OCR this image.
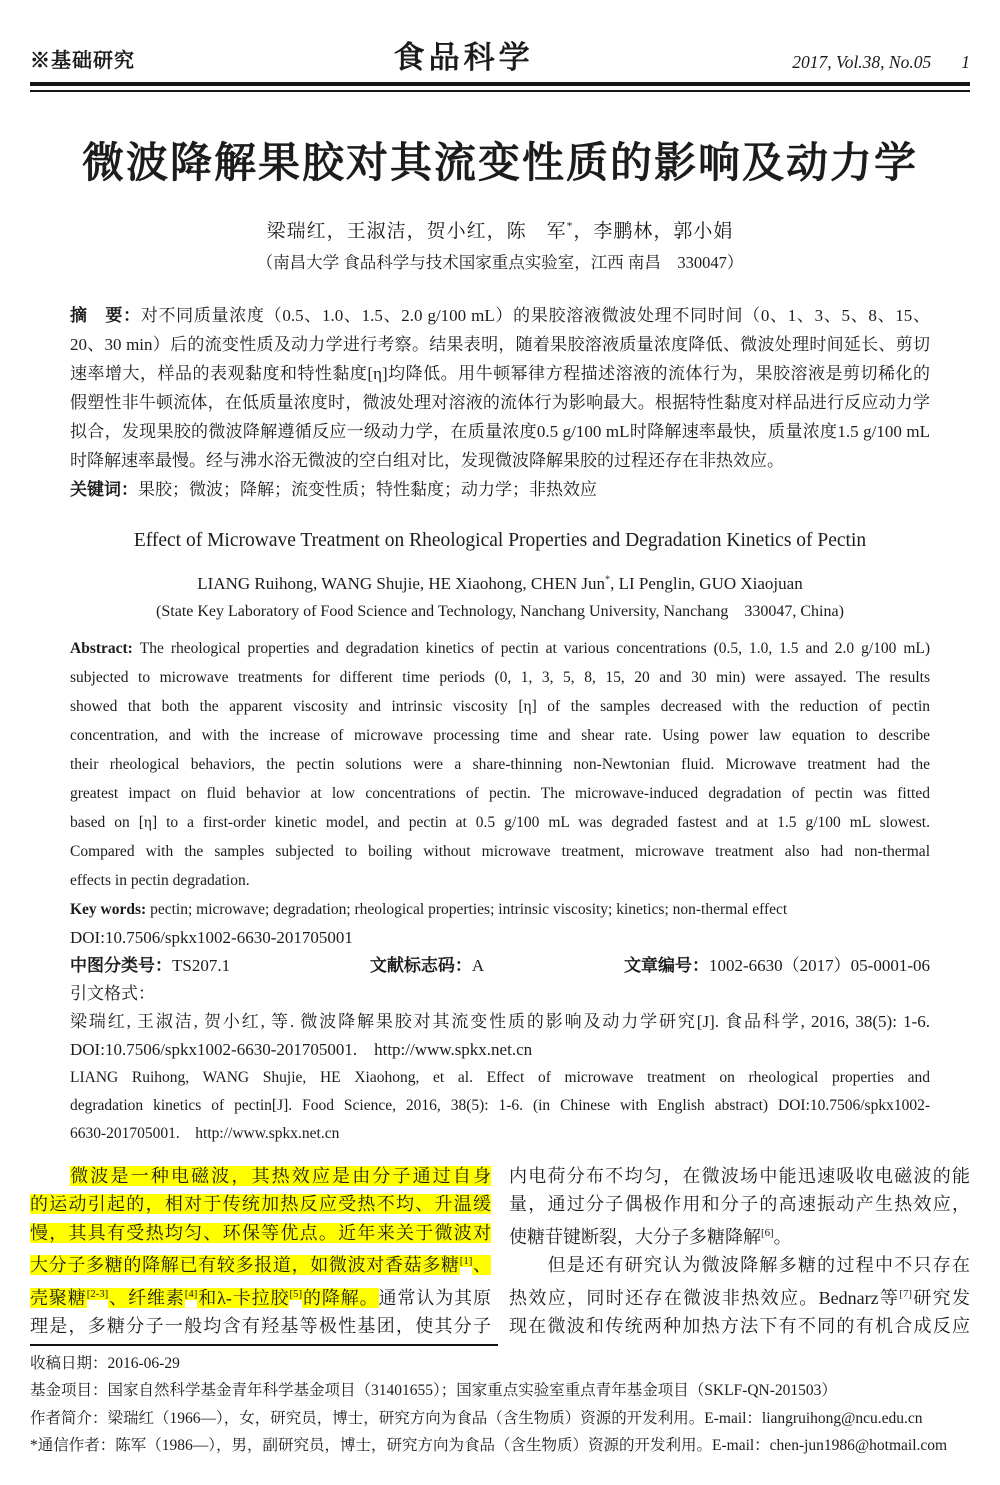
※基础研究	食品科学	2017, Vol.38, No.05 1
微波降解果胶对其流变性质的影响及动力学
梁瑞红，王淑洁，贺小红，陈　军*，李鹏林，郭小娟
（南昌大学 食品科学与技术国家重点实验室，江西 南昌　330047）
摘　要：对不同质量浓度（0.5、1.0、1.5、2.0 g/100 mL）的果胶溶液微波处理不同时间（0、1、3、5、8、15、
20、30 min）后的流变性质及动力学进行考察。结果表明，随着果胶溶液质量浓度降低、微波处理时间延长、剪切
速率增大，样品的表观黏度和特性黏度[η]均降低。用牛顿幂律方程描述溶液的流体行为，果胶溶液是剪切稀化的
假塑性非牛顿流体，在低质量浓度时，微波处理对溶液的流体行为影响最大。根据特性黏度对样品进行反应动力学
拟合，发现果胶的微波降解遵循反应一级动力学，在质量浓度0.5 g/100 mL时降解速率最快，质量浓度1.5 g/100 mL
时降解速率最慢。经与沸水浴无微波的空白组对比，发现微波降解果胶的过程还存在非热效应。
关键词：果胶；微波；降解；流变性质；特性黏度；动力学；非热效应
Effect of Microwave Treatment on Rheological Properties and Degradation Kinetics of Pectin
LIANG Ruihong, WANG Shujie, HE Xiaohong, CHEN Jun*, LI Penglin, GUO Xiaojuan
(State Key Laboratory of Food Science and Technology, Nanchang University, Nanchang　330047, China)
Abstract: The rheological properties and degradation kinetics of pectin at various concentrations (0.5, 1.0, 1.5 and 2.0 g/100 mL)
subjected to microwave treatments for different time periods (0, 1, 3, 5, 8, 15, 20 and 30 min) were assayed. The results
showed that both the apparent viscosity and intrinsic viscosity [η] of the samples decreased with the reduction of pectin
concentration, and with the increase of microwave processing time and shear rate. Using power law equation to describe
their rheological behaviors, the pectin solutions were a share-thinning non-Newtonian fluid. Microwave treatment had the
greatest impact on fluid behavior at low concentrations of pectin. The microwave-induced degradation of pectin was fitted
based on [η] to a first-order kinetic model, and pectin at 0.5 g/100 mL was degraded fastest and at 1.5 g/100 mL slowest.
Compared with the samples subjected to boiling without microwave treatment, microwave treatment also had non-thermal
effects in pectin degradation.
Key words: pectin; microwave; degradation; rheological properties; intrinsic viscosity; kinetics; non-thermal effect
DOI:10.7506/spkx1002-6630-201705001
中图分类号：TS207.1	文献标志码：A	文章编号：1002-6630（2017）05-0001-06
引文格式：
梁瑞红, 王淑洁, 贺小红, 等. 微波降解果胶对其流变性质的影响及动力学研究[J]. 食品科学, 2016, 38(5): 1-6.
DOI:10.7506/spkx1002-6630-201705001.　http://www.spkx.net.cn
LIANG Ruihong, WANG Shujie, HE Xiaohong, et al. Effect of microwave treatment on rheological properties and
degradation kinetics of pectin[J]. Food Science, 2016, 38(5): 1-6. (in Chinese with English abstract) DOI:10.7506/spkx1002-
6630-201705001.　http://www.spkx.net.cn
　　微波是一种电磁波，其热效应是由分子通过自身
的运动引起的，相对于传统加热反应受热不均、升温缓
慢，其具有受热均匀、环保等优点。近年来关于微波对
大分子多糖的降解已有较多报道，如微波对香菇多糖[1]、
壳聚糖[2-3]、纤维素[4]和λ-卡拉胶[5]的降解。通常认为其原
理是，多糖分子一般均含有羟基等极性基团，使其分子
内电荷分布不均匀，在微波场中能迅速吸收电磁波的能
量，通过分子偶极作用和分子的高速振动产生热效应，
使糖苷键断裂，大分子多糖降解[6]。
　　但是还有研究认为微波降解多糖的过程中不只存在
热效应，同时还存在微波非热效应。Bednarz等[7]研究发
现在微波和传统两种加热方法下有不同的有机合成反应
收稿日期：2016-06-29
基金项目：国家自然科学基金青年科学基金项目（31401655）；国家重点实验室重点青年基金项目（SKLF-QN-201503）
作者简介：梁瑞红（1966—），女，研究员，博士，研究方向为食品（含生物质）资源的开发利用。E-mail：liangruihong@ncu.edu.cn
*通信作者：陈军（1986—），男，副研究员，博士，研究方向为食品（含生物质）资源的开发利用。E-mail：chen-jun1986@hotmail.com
